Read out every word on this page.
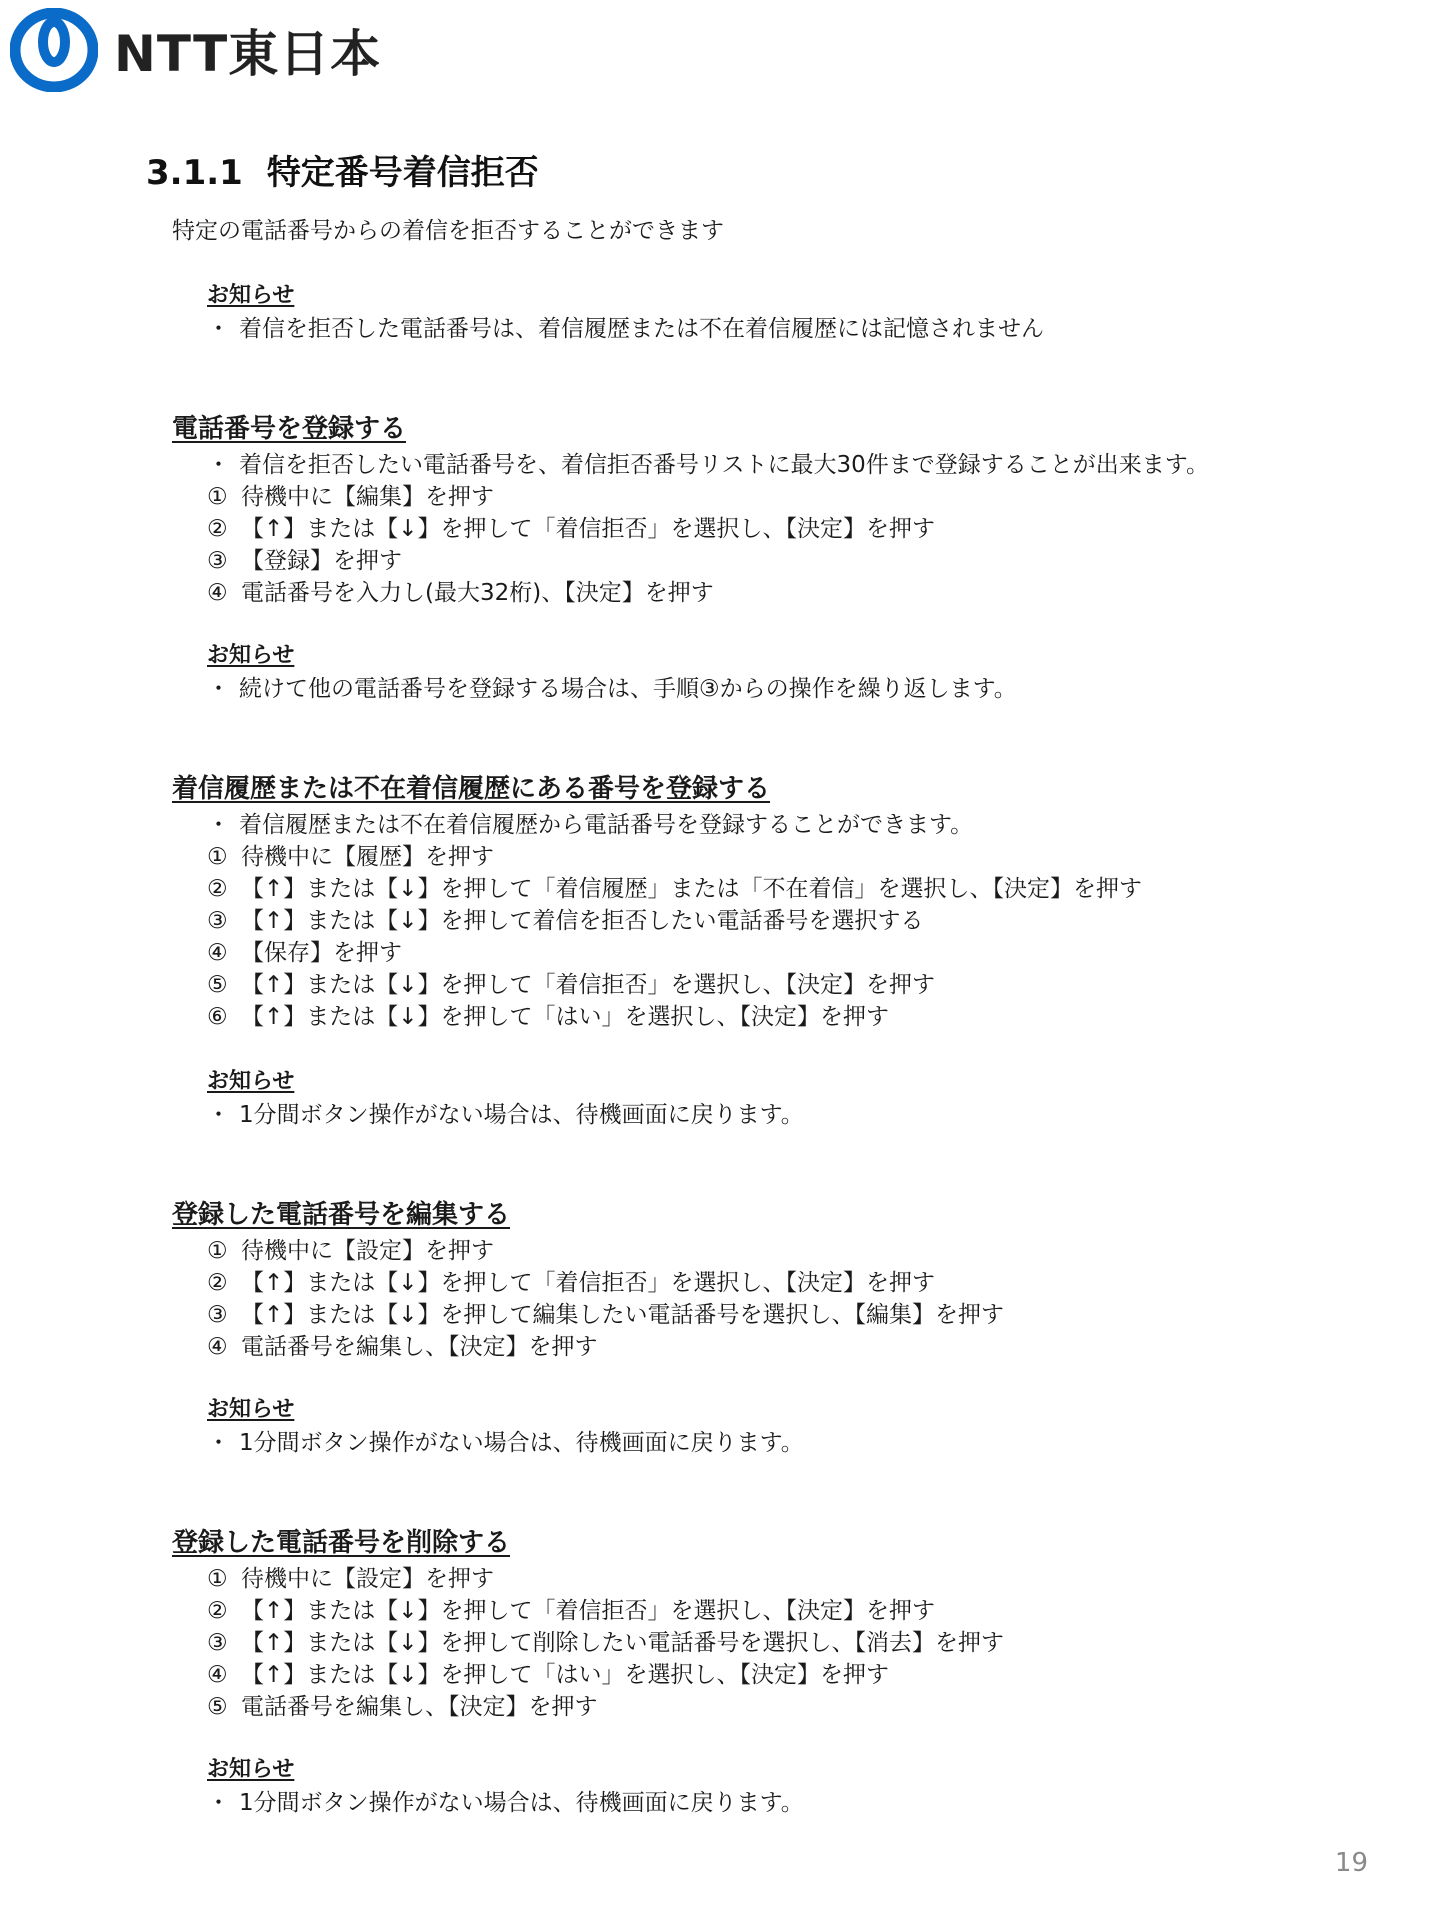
NTT東日本
3.1.1 特定番号着信拒否
特定の電話番号からの着信を拒否することができます
お知らせ
・ 着信を拒否した電話番号は、着信履歴または不在着信履歴には記憶されません
電話番号を登録する
・ 着信を拒否したい電話番号を、着信拒否番号リストに最大30件まで登録することが出来ます。
① 待機中に【編集】を押す
② 【↑】または【↓】を押して「着信拒否」を選択し、【決定】を押す
③ 【登録】を押す
④ 電話番号を入力し(最大32桁)、【決定】を押す
お知らせ
・ 続けて他の電話番号を登録する場合は、手順③からの操作を繰り返します。
着信履歴または不在着信履歴にある番号を登録する
・ 着信履歴または不在着信履歴から電話番号を登録することができます。
① 待機中に【履歴】を押す
② 【↑】または【↓】を押して「着信履歴」または「不在着信」を選択し、【決定】を押す
③ 【↑】または【↓】を押して着信を拒否したい電話番号を選択する
④ 【保存】を押す
⑤ 【↑】または【↓】を押して「着信拒否」を選択し、【決定】を押す
⑥ 【↑】または【↓】を押して「はい」を選択し、【決定】を押す
お知らせ
・ 1分間ボタン操作がない場合は、待機画面に戻ります。
登録した電話番号を編集する
① 待機中に【設定】を押す
② 【↑】または【↓】を押して「着信拒否」を選択し、【決定】を押す
③ 【↑】または【↓】を押して編集したい電話番号を選択し、【編集】を押す
④ 電話番号を編集し、【決定】を押す
お知らせ
・ 1分間ボタン操作がない場合は、待機画面に戻ります。
登録した電話番号を削除する
① 待機中に【設定】を押す
② 【↑】または【↓】を押して「着信拒否」を選択し、【決定】を押す
③ 【↑】または【↓】を押して削除したい電話番号を選択し、【消去】を押す
④ 【↑】または【↓】を押して「はい」を選択し、【決定】を押す
⑤ 電話番号を編集し、【決定】を押す
お知らせ
・ 1分間ボタン操作がない場合は、待機画面に戻ります。
19
